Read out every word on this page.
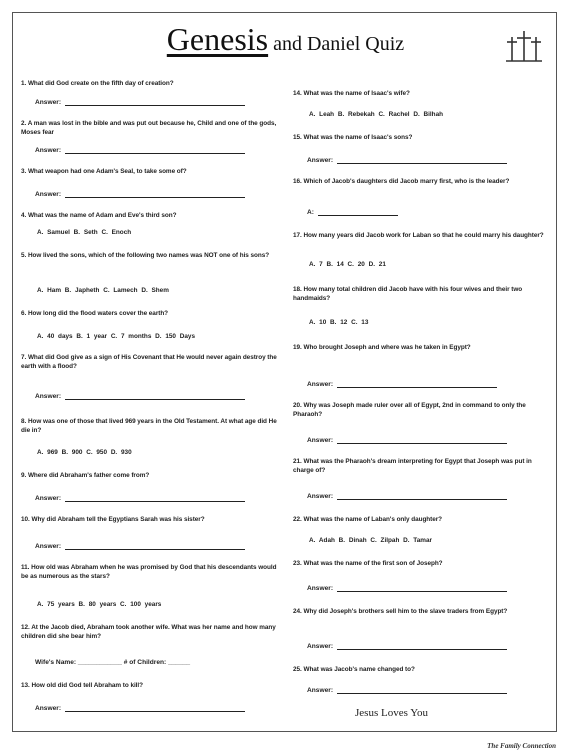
Genesis and Daniel Quiz
1. What did God create on the fifth day of creation?
Answer:
2. A man was lost in the bible and was put out because he, Child and one of the gods, Moses fear
Answer:
3. What weapon had one Adam's Seal, to take some of?
Answer:
4. What was the name of Adam and Eve's third son?
A. Samuel B. Seth C. Enoch
5. How lived the sons, which of the following two names was NOT one of his sons?
A. Ham B. Japheth C. Lamech D. Shem
6. How long did the flood waters cover the earth?
A. 40 days B. 1 year C. 7 months D. 150 Days
7. What did God give as a sign of His Covenant that He would never again destroy the earth with a flood?
Answer:
8. How was one of those that lived 969 years in the Old Testament. At what age did He die in?
A. 969 B. 900 C. 950 D. 930
9. Where did Abraham's father come from?
Answer:
10. Why did Abraham tell the Egyptians Sarah was his sister?
Answer:
11. How old was Abraham when he was promised by God that his descendants would be as numerous as the stars?
A. 75 years B. 80 years C. 100 years
12. At the Jacob died, Abraham took another wife. What was her name and how many children did she bear him?
Wife's Name: ____________ # of Children: ______
13. How old did God tell Abraham to kill?
Answer:
14. What was the name of Isaac's wife?
A. Leah B. Rebekah C. Rachel D. Bilhah
15. What was the name of Isaac's sons?
Answer:
16. Which of Jacob's daughters did Jacob marry first, who is the leader?
A:
17. How many years did Jacob work for Laban so that he could marry his daughter?
A. 7 B. 14 C. 20 D. 21
18. How many total children did Jacob have with his four wives and their two handmaids?
A. 10 B. 12 C. 13
19. Who brought Joseph and where was he taken in Egypt?
Answer:
20. Why was Joseph made ruler over all of Egypt, 2nd in command to only the Pharaoh?
Answer:
21. What was the Pharaoh's dream interpreting for Egypt that Joseph was put in charge of?
Answer:
22. What was the name of Laban's only daughter?
A. Adah B. Dinah C. Zilpah D. Tamar
23. What was the name of the first son of Joseph?
Answer:
24. Why did Joseph's brothers sell him to the slave traders from Egypt?
Answer:
25. What was Jacob's name changed to?
Answer:
Jesus Loves You
The Family Connection
